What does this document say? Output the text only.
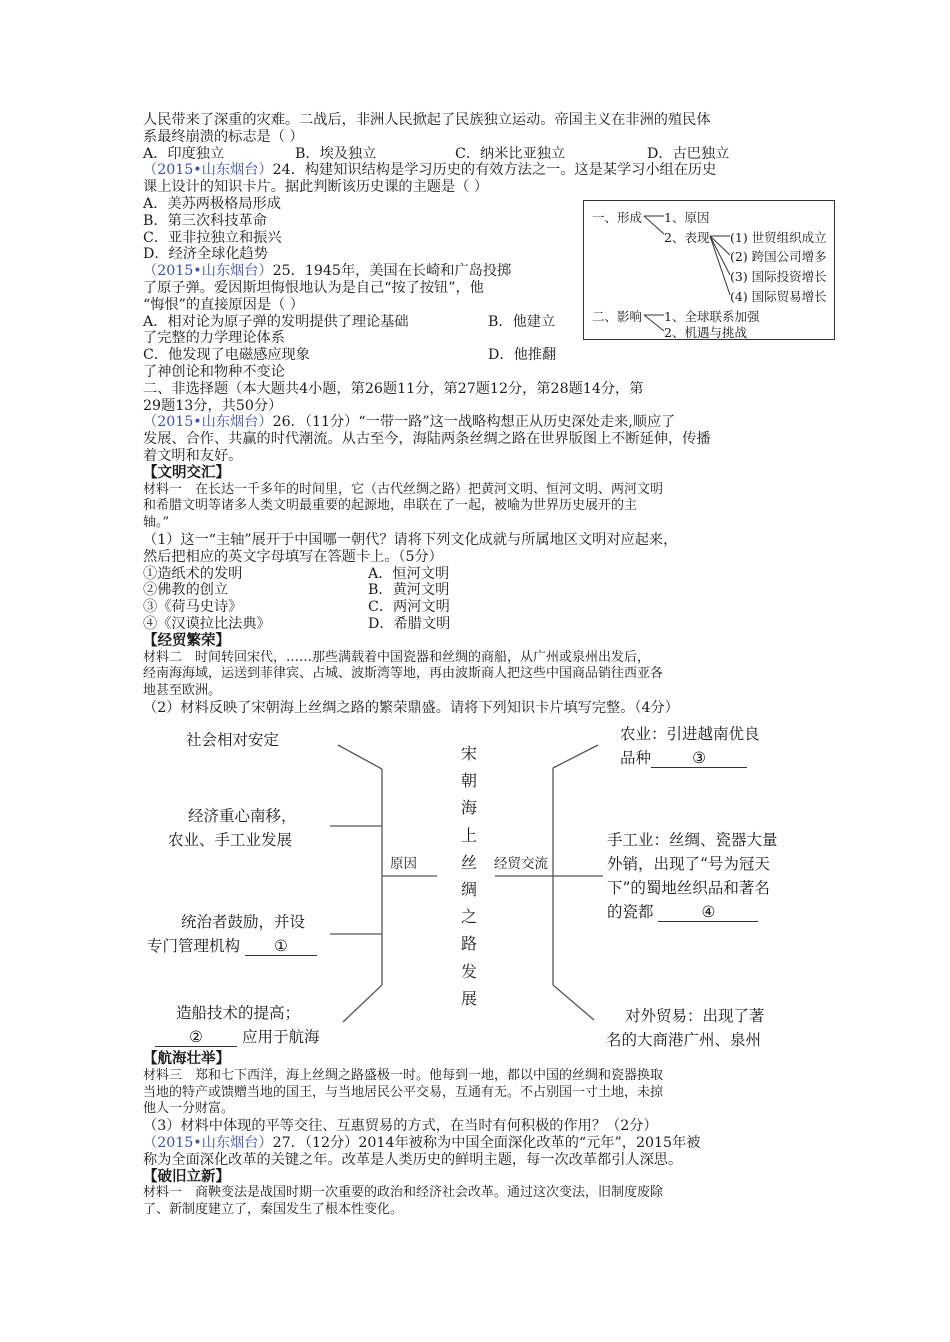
人民带来了深重的灾难。二战后，非洲人民掀起了民族独立运动。帝国主义在非洲的殖民体
系最终崩溃的标志是（ ）
A．印度独立	B．埃及独立	C．纳米比亚独立	D．古巴独立
（2015•山东烟台）24．构建知识结构是学习历史的有效方法之一。这是某学习小组在历史
课上设计的知识卡片。据此判断该历史课的主题是（ ）
A．美苏两极格局形成
B．第三次科技革命
C．亚非拉独立和振兴
D．经济全球化趋势
（2015•山东烟台）25．1945年，美国在长崎和广岛投掷
了原子弹。爱因斯坦悔恨地认为是自己“按了按钮”，他
“悔恨”的直接原因是（ ）
A．相对论为原子弹的发明提供了理论基础	B．他建立
了完整的力学理论体系
C．他发现了电磁感应现象	D．他推翻
了神创论和物种不变论
二、非选择题（本大题共4小题，第26题11分，第27题12分，第28题14分，第
29题13分，共50分）
（2015•山东烟台）26．（11分）“一带一路”这一战略构想正从历史深处走来,顺应了
发展、合作、共赢的时代潮流。从古至今，海陆两条丝绸之路在世界版图上不断延伸，传播
着文明和友好。
【文明交汇】
材料一　在长达一千多年的时间里，它（古代丝绸之路）把黄河文明、恒河文明、两河文明
和希腊文明等诸多人类文明最重要的起源地，串联在了一起，被喻为世界历史展开的主
轴。”
（1）这一“主轴”展开于中国哪一朝代？请将下列文化成就与所属地区文明对应起来，
然后把相应的英文字母填写在答题卡上。（5分）
①造纸术的发明	A．恒河文明
②佛教的创立	B．黄河文明
③《荷马史诗》	C．两河文明
④《汉谟拉比法典》	D．希腊文明
【经贸繁荣】
材料二　时间转回宋代，……那些满载着中国瓷器和丝绸的商船，从广州或泉州出发后，
经南海海域，运送到菲律宾、占城、波斯湾等地，再由波斯商人把这些中国商品销往西亚各
地甚至欧洲。
（2）材料反映了宋朝海上丝绸之路的繁荣鼎盛。请将下列知识卡片填写完整。（4分）
一、形成 1、原因
2、表现 (1) 世贸组织成立
(2) 跨国公司增多
(3) 国际投资增长
(4) 国际贸易增长
二、影响 1、全球联系加强
2、机遇与挑战
宋
朝
海
上
丝
绸
之
路
发
展
原因	经贸交流
社会相对安定
经济重心南移，
农业、手工业发展
统治者鼓励，并设
专门管理机构 ①
造船技术的提高；
②	应用于航海
农业：引进越南优良
品种	③
手工业：丝绸、瓷器大量
外销，出现了“号为冠天
下”的蜀地丝织品和著名
的瓷都	④
对外贸易：出现了著
名的大商港广州、泉州
【航海壮举】
材料三　郑和七下西洋，海上丝绸之路盛极一时。他每到一地，都以中国的丝绸和瓷器换取
当地的特产或馈赠当地的国王，与当地居民公平交易，互通有无。不占别国一寸土地，未掠
他人一分财富。
（3）材料中体现的平等交往、互惠贸易的方式，在当时有何积极的作用？（2分）
（2015•山东烟台）27．（12分）2014年被称为中国全面深化改革的“元年”，2015年被
称为全面深化改革的关键之年。改革是人类历史的鲜明主题，每一次改革都引人深思。
【破旧立新】
材料一　商鞅变法是战国时期一次重要的政治和经济社会改革。通过这次变法，旧制度废除
了、新制度建立了，秦国发生了根本性变化。
